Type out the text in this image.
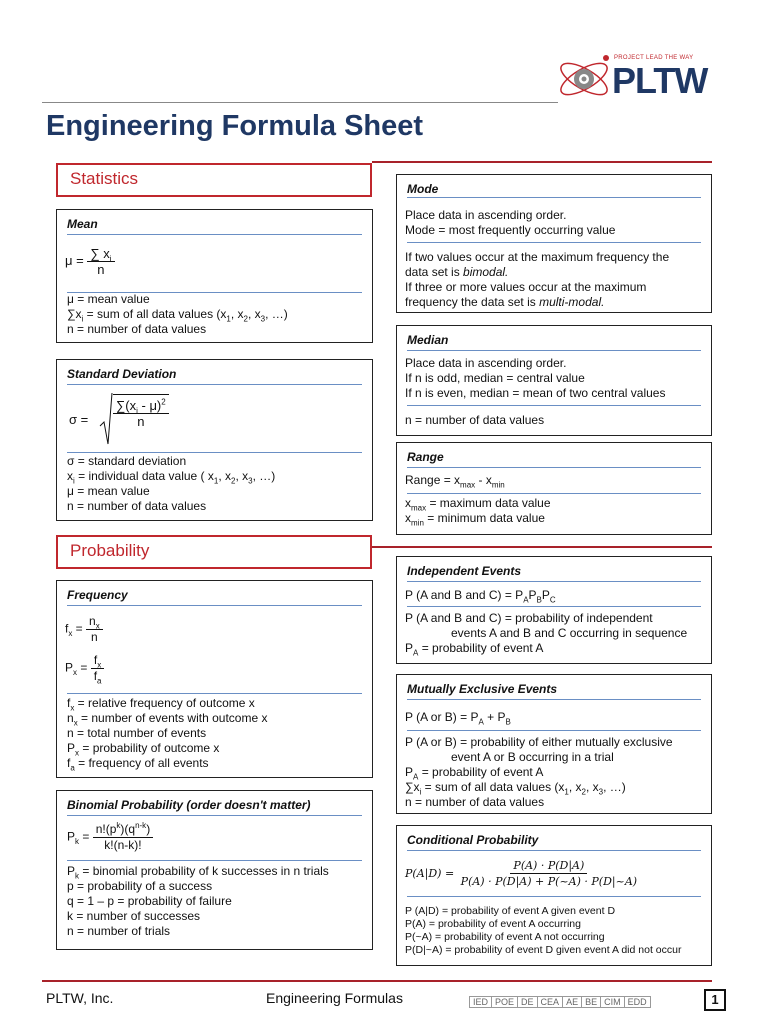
PROJECT LEAD THE WAY
PLTW
Engineering Formula Sheet
Statistics
Mean
$\mu = \frac{\sum x_i}{n}$
μ = mean value
$\sum x_i$ = sum of all data values ($x_1$, $x_2$, $x_3$, …)
n = number of data values
Standard Deviation
$\sigma = \frac{\sum(x_i - \mu)^2}{n}$
σ = standard deviation
$x_i$ = individual data value ( $x_1$, $x_2$, $x_3$, …)
μ = mean value
n = number of data values
Mode
Place data in ascending order.
Mode = most frequently occurring value
If two values occur at the maximum frequency the
data set is bimodal.
If three or more values occur at the maximum
frequency the data set is multi-modal.
Median
Place data in ascending order.
If n is odd, median = central value
If n is even, median = mean of two central values
n = number of data values
Range
Range = $x_{max} - x_{min}$
$x_{max}$ = maximum data value
$x_{min}$ = minimum data value
Probability
Frequency
$f_x = \frac{n_x}{n}$
$P_x = \frac{f_x}{f_a}$
$f_x$ = relative frequency of outcome x
$n_x$ = number of events with outcome x
n = total number of events
$P_x$ = probability of outcome x
$f_a$ = frequency of all events
Binomial Probability (order doesn't matter)
$P_k = \frac{n!(p^k)(q^{n-k})}{k!(n-k)!}$
$P_k$ = binomial probability of k successes in n trials
p = probability of a success
q = 1 – p = probability of failure
k = number of successes
n = number of trials
Independent Events
P (A and B and $C) = P_AP_BP_C$
P (A and B and C) = probability of independent
events A and B and C occurring in sequence
$P_A$ = probability of event A
Mutually Exclusive Events
P (A or $B) = P_A + P_B$
P (A or B) = probability of either mutually exclusive
event A or B occurring in a trial
$P_A$ = probability of event A
$\sum x_i$ = sum of all data values ($x_1$, $x_2$, $x_3$, …)
n = number of data values
Conditional Probability
$P(A|D) = \frac{P(A) \cdot P(D|A)}{P(A) \cdot P(D|A) + P(\sim A) \cdot P(D|\sim A)}$
P (A|D) = probability of event A given event D
P(A) = probability of event A occurring
P(~A) = probability of event A not occurring
P(D|~A) = probability of event D given event A did not occur
PLTW, Inc.	Engineering Formulas	IED POE DE CEA AE BE CIM EDD	1
